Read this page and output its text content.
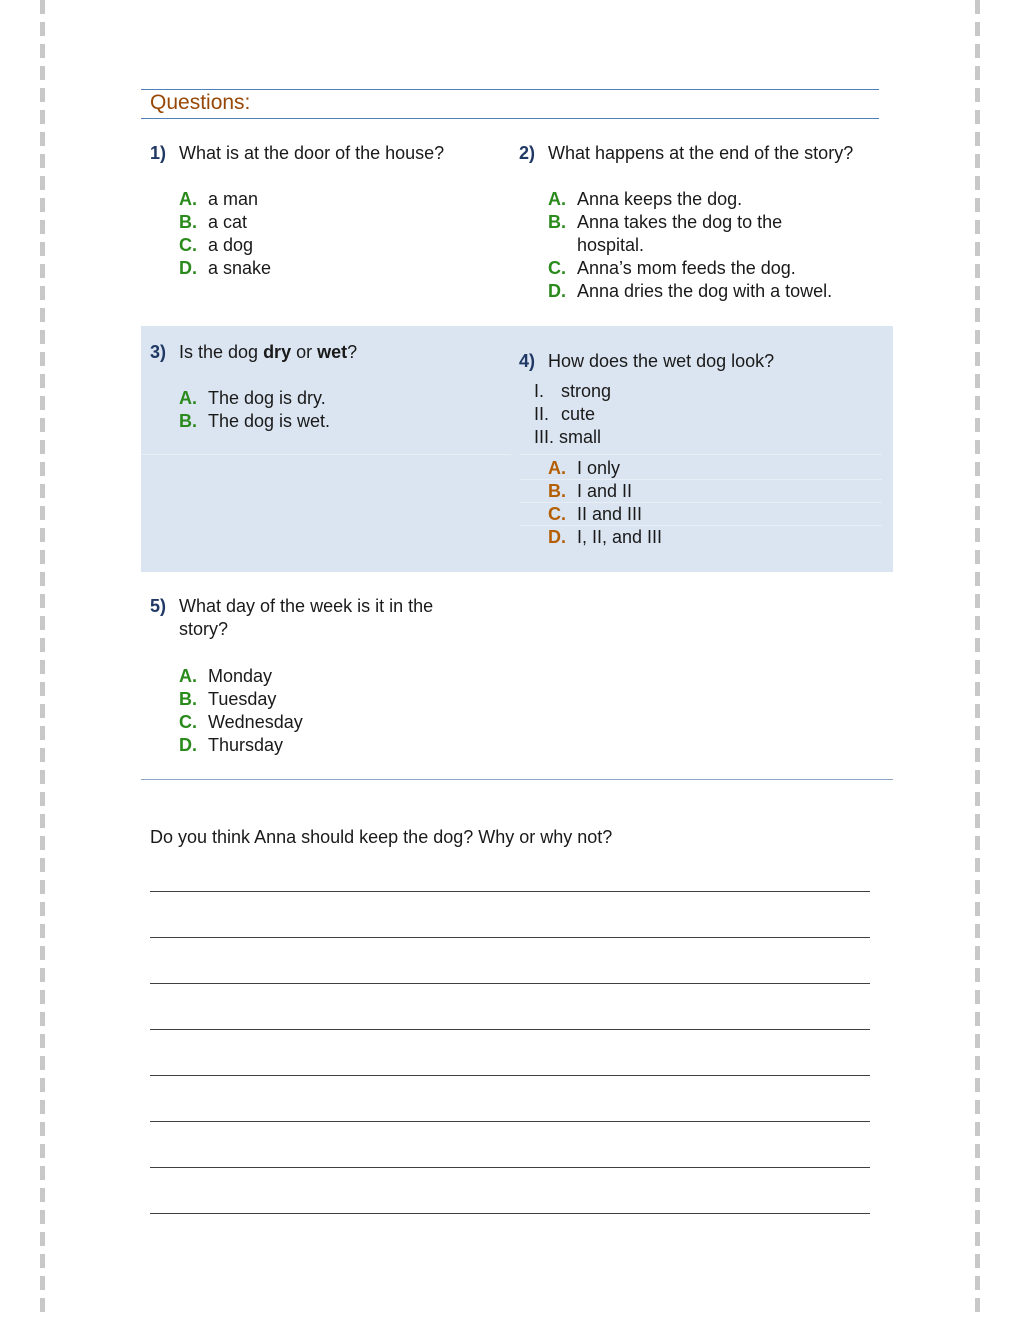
Questions:
1) What is at the door of the house?
A. a man
B. a cat
C. a dog
D. a snake
2) What happens at the end of the story?
A. Anna keeps the dog.
B. Anna takes the dog to the hospital.
C. Anna’s mom feeds the dog.
D. Anna dries the dog with a towel.
3) Is the dog dry or wet?
A. The dog is dry.
B. The dog is wet.
4) How does the wet dog look?
I. strong
II. cute
III. small
A. I only
B. I and II
C. II and III
D. I, II, and III
5) What day of the week is it in the story?
A. Monday
B. Tuesday
C. Wednesday
D. Thursday
Do you think Anna should keep the dog? Why or why not?
